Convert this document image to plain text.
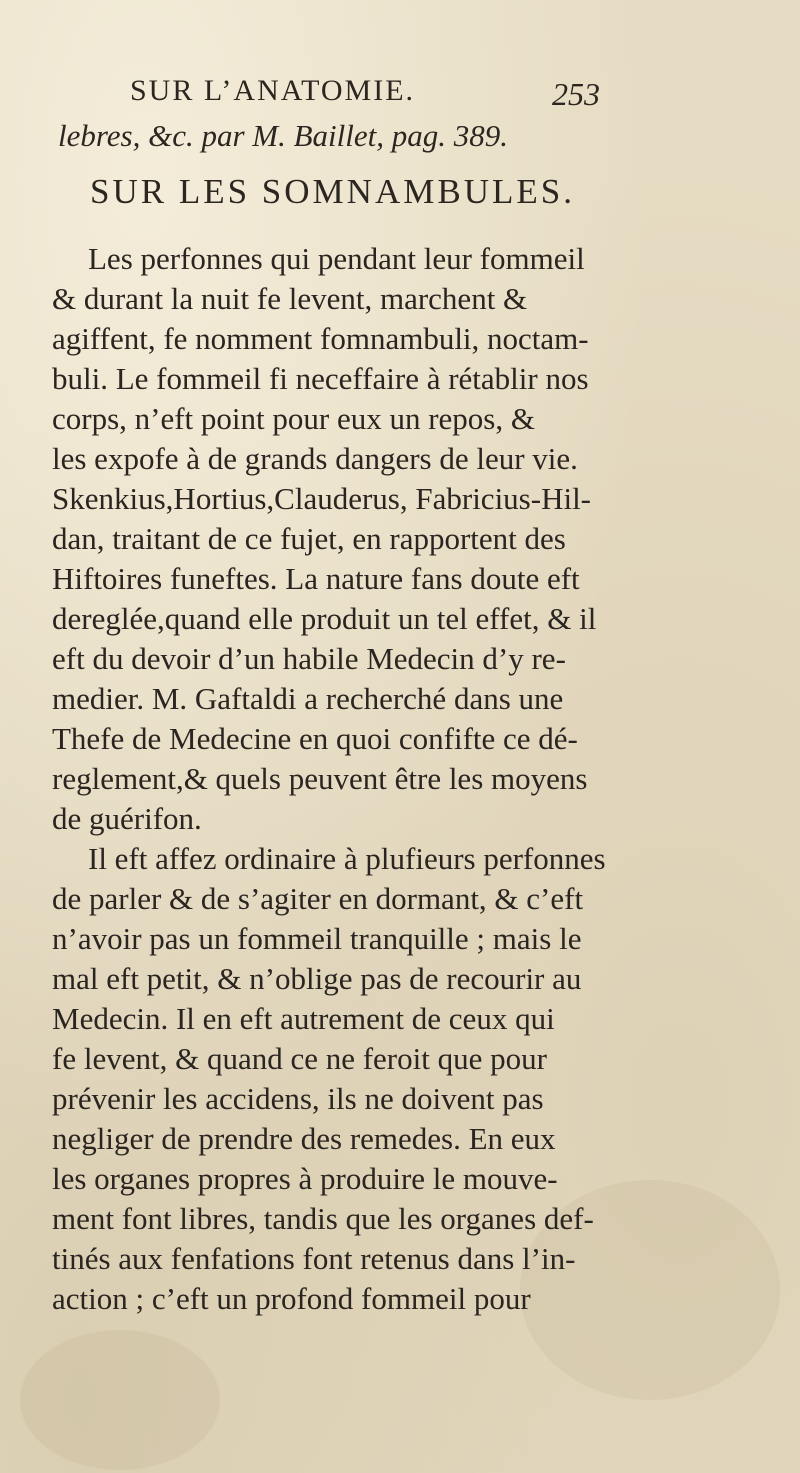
SUR L’ANATOMIE.	253
lebres, &c. par M. Baillet, pag. 389.
SUR LES SOMNAMBULES.
Les perfonnes qui pendant leur fommeil
& durant la nuit fe levent, marchent &
agiffent, fe nomment fomnambuli, noctam-
buli. Le fommeil fi neceffaire à rétablir nos
corps, n’eft point pour eux un repos, &
les expofe à de grands dangers de leur vie.
Skenkius,Hortius,Clauderus, Fabricius-Hil-
dan, traitant de ce fujet, en rapportent des
Hiftoires funeftes. La nature fans doute eft
dereglée,quand elle produit un tel effet, & il
eft du devoir d’un habile Medecin d’y re-
medier. M. Gaftaldi a recherché dans une
Thefe de Medecine en quoi confifte ce dé-
reglement,& quels peuvent être les moyens
de guérifon.
Il eft affez ordinaire à plufieurs perfonnes
de parler & de s’agiter en dormant, & c’eft
n’avoir pas un fommeil tranquille ; mais le
mal eft petit, & n’oblige pas de recourir au
Medecin. Il en eft autrement de ceux qui
fe levent, & quand ce ne feroit que pour
prévenir les accidens, ils ne doivent pas
negliger de prendre des remedes. En eux
les organes propres à produire le mouve-
ment font libres, tandis que les organes def-
tinés aux fenfations font retenus dans l’in-
action ; c’eft un profond fommeil pour
